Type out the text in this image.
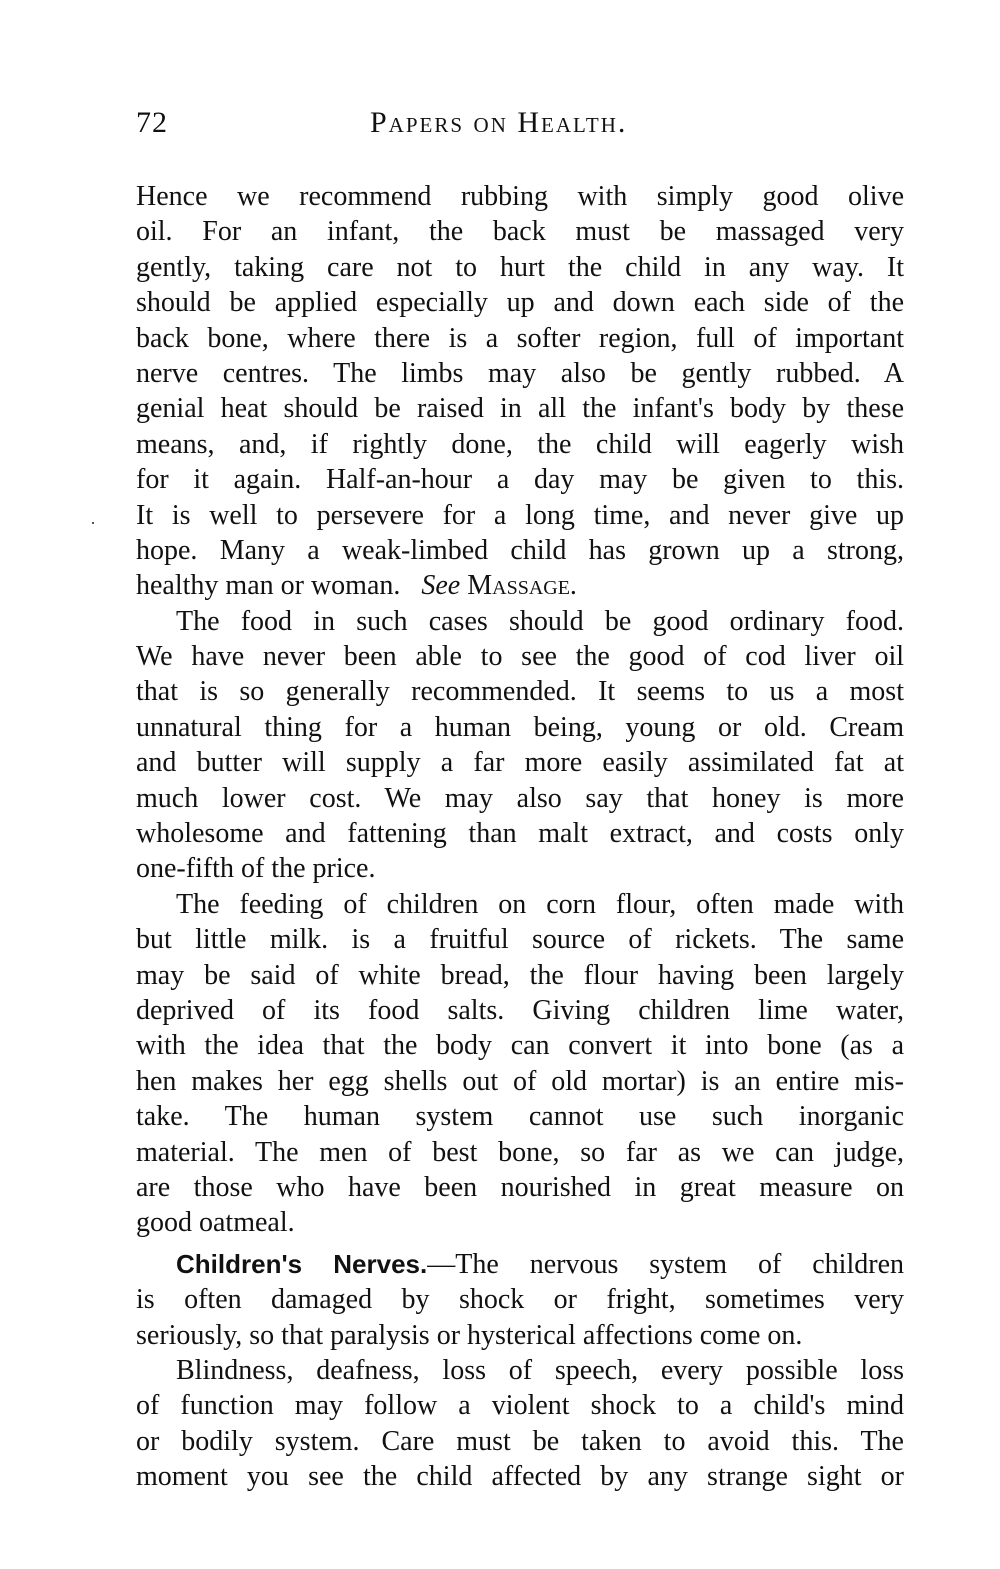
72	Papers on Health.
Hence we recommend rubbing with simply good olive
oil. For an infant, the back must be massaged very
gently, taking care not to hurt the child in any way. It
should be applied especially up and down each side of the
back bone, where there is a softer region, full of important
nerve centres. The limbs may also be gently rubbed. A
genial heat should be raised in all the infant's body by these
means, and, if rightly done, the child will eagerly wish
for it again. Half-an-hour a day may be given to this.
It is well to persevere for a long time, and never give up
hope. Many a weak-limbed child has grown up a strong,
healthy man or woman.   See Massage.
The food in such cases should be good ordinary food.
We have never been able to see the good of cod liver oil
that is so generally recommended. It seems to us a most
unnatural thing for a human being, young or old. Cream
and butter will supply a far more easily assimilated fat at
much lower cost. We may also say that honey is more
wholesome and fattening than malt extract, and costs only
one-fifth of the price.
The feeding of children on corn flour, often made with
but little milk. is a fruitful source of rickets. The same
may be said of white bread, the flour having been largely
deprived of its food salts. Giving children lime water,
with the idea that the body can convert it into bone (as a
hen makes her egg shells out of old mortar) is an entire mis-
take. The human system cannot use such inorganic
material. The men of best bone, so far as we can judge,
are those who have been nourished in great measure on
good oatmeal.
Children's Nerves.—The nervous system of children
is often damaged by shock or fright, sometimes very
seriously, so that paralysis or hysterical affections come on.
Blindness, deafness, loss of speech, every possible loss
of function may follow a violent shock to a child's mind
or bodily system. Care must be taken to avoid this. The
moment you see the child affected by any strange sight or
